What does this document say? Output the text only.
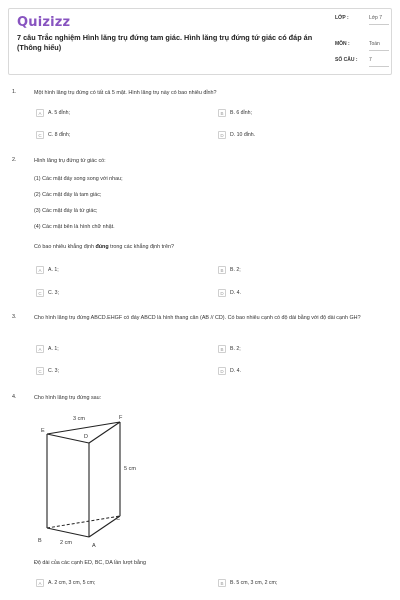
Quizizz
7 câu Trắc nghiệm Hình lăng trụ đứng tam giác. Hình lăng trụ đứng tứ giác có đáp án (Thông hiểu)
LỚP :	Lớp 7
MÔN :	Toán
SỐ CÂU : 7
1.	Một hình lăng trụ đứng có tất cả 5 mặt. Hình lăng trụ này có bao nhiêu đỉnh?
A	A. 5 đỉnh;	B	B. 6 đỉnh;
C	C. 8 đỉnh;	D	D. 10 đỉnh.
2.	Hình lăng trụ đứng tứ giác có:
(1) Các mặt đáy song song với nhau;
(2) Các mặt đáy là tam giác;
(3) Các mặt đáy là tứ giác;
(4) Các mặt bên là hình chữ nhật.
Có bao nhiêu khẳng định đúng trong các khẳng định trên?
A	A. 1;	B	B. 2;
C	C. 3;	D	D. 4.
3.	Cho hình lăng trụ đứng ABCD.EHGF có đáy ABCD là hình thang cân (AB // CD). Có bao nhiêu cạnh có độ dài bằng với độ dài cạnh GH?
A	A. 1;	B	B. 2;
C	C. 3;	D	D. 4.
4.	Cho hình lăng trụ đứng sau:
3 cm
5 cm
2 cm
E
D
F
B
C
A
Độ dài của các cạnh ED, BC, DA lần lượt bằng
A	A. 2 cm, 3 cm, 5 cm;	B	B. 5 cm, 3 cm, 2 cm;
